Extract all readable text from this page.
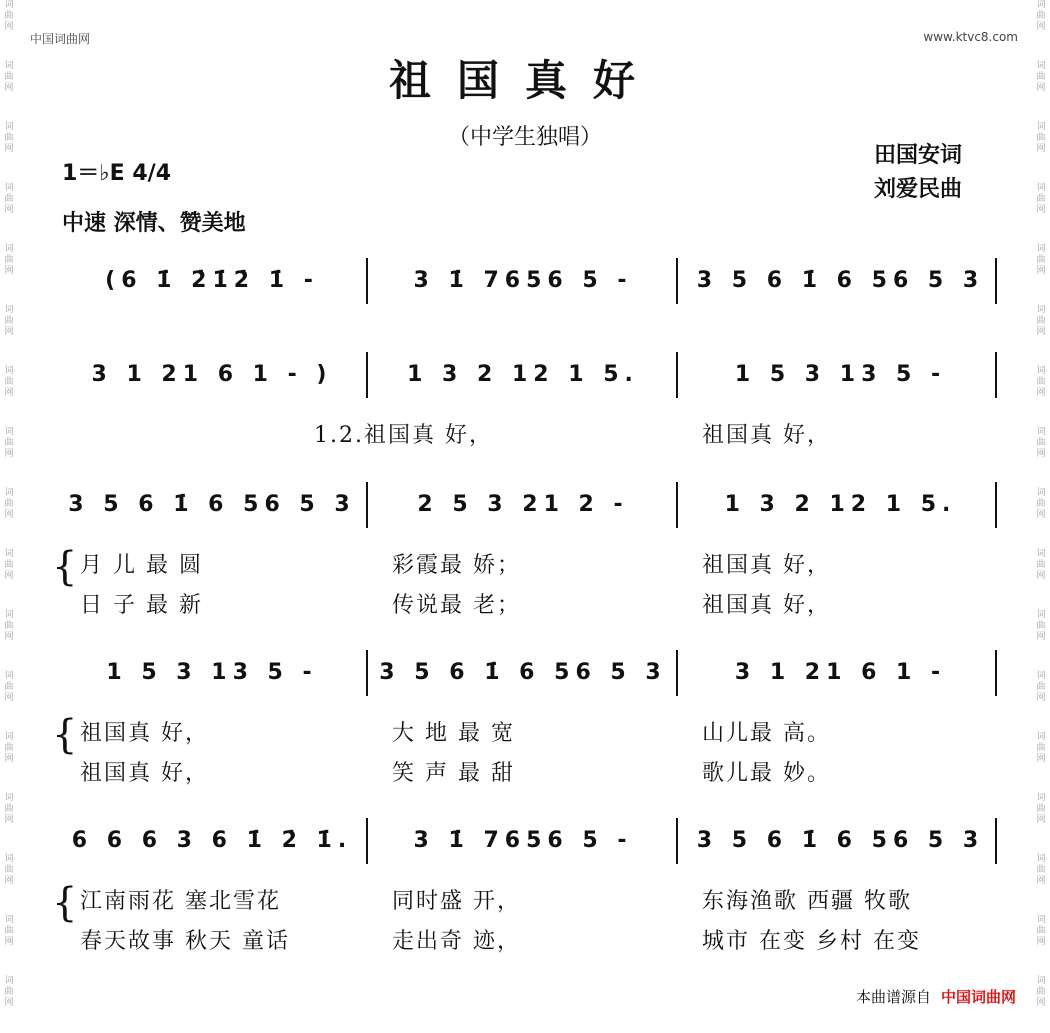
词曲网
词曲网
词曲网
词曲网
词曲网
词曲网
词曲网
词曲网
词曲网
词曲网
词曲网
词曲网
词曲网
词曲网
词曲网
词曲网
词曲网
词曲网
词曲网
词曲网
词曲网
词曲网
词曲网
词曲网
词曲网
词曲网
词曲网
词曲网
词曲网
词曲网
词曲网
词曲网
词曲网
词曲网
中国词曲网	www.ktvc8.com
祖国真好
（中学生独唱）
田国安词
刘爱民曲
1＝♭E 4/4
中速 深情、赞美地
(6 1̇ 2̇1̇2̇ 1̇ -	3 1̇ 7656 5 -	3 5 6 1̇ 6 56 5 3
3 1 21 6 1 - )	1 3 2 12 1 5.	1 5 3 13 5 -
1.2.祖国真 好，	祖国真 好，
3 5 6 1̇ 6 56 5 3	2 5 3 21 2 -	1 3 2 12 1 5.
月 儿 最 圆	彩霞最 娇；	祖国真 好，
日 子 最 新	传说最 老；	祖国真 好，
{
1 5 3 13 5 -	3 5 6 1̇ 6 56 5 3	3 1 21 6 1 -
祖国真 好，	大 地 最 宽	山儿最 高。
祖国真 好，	笑 声 最 甜	歌儿最 妙。
{
6 6 6 3 6 1̇ 2̇ 1̇.	3 1̇ 7656 5 -	3 5 6 1̇ 6 56 5 3
江南雨花 塞北雪花	同时盛 开，	东海渔歌 西疆 牧歌
春天故事 秋天 童话	走出奇 迹，	城市 在变 乡村 在变
{
本曲谱源自 中国词曲网
